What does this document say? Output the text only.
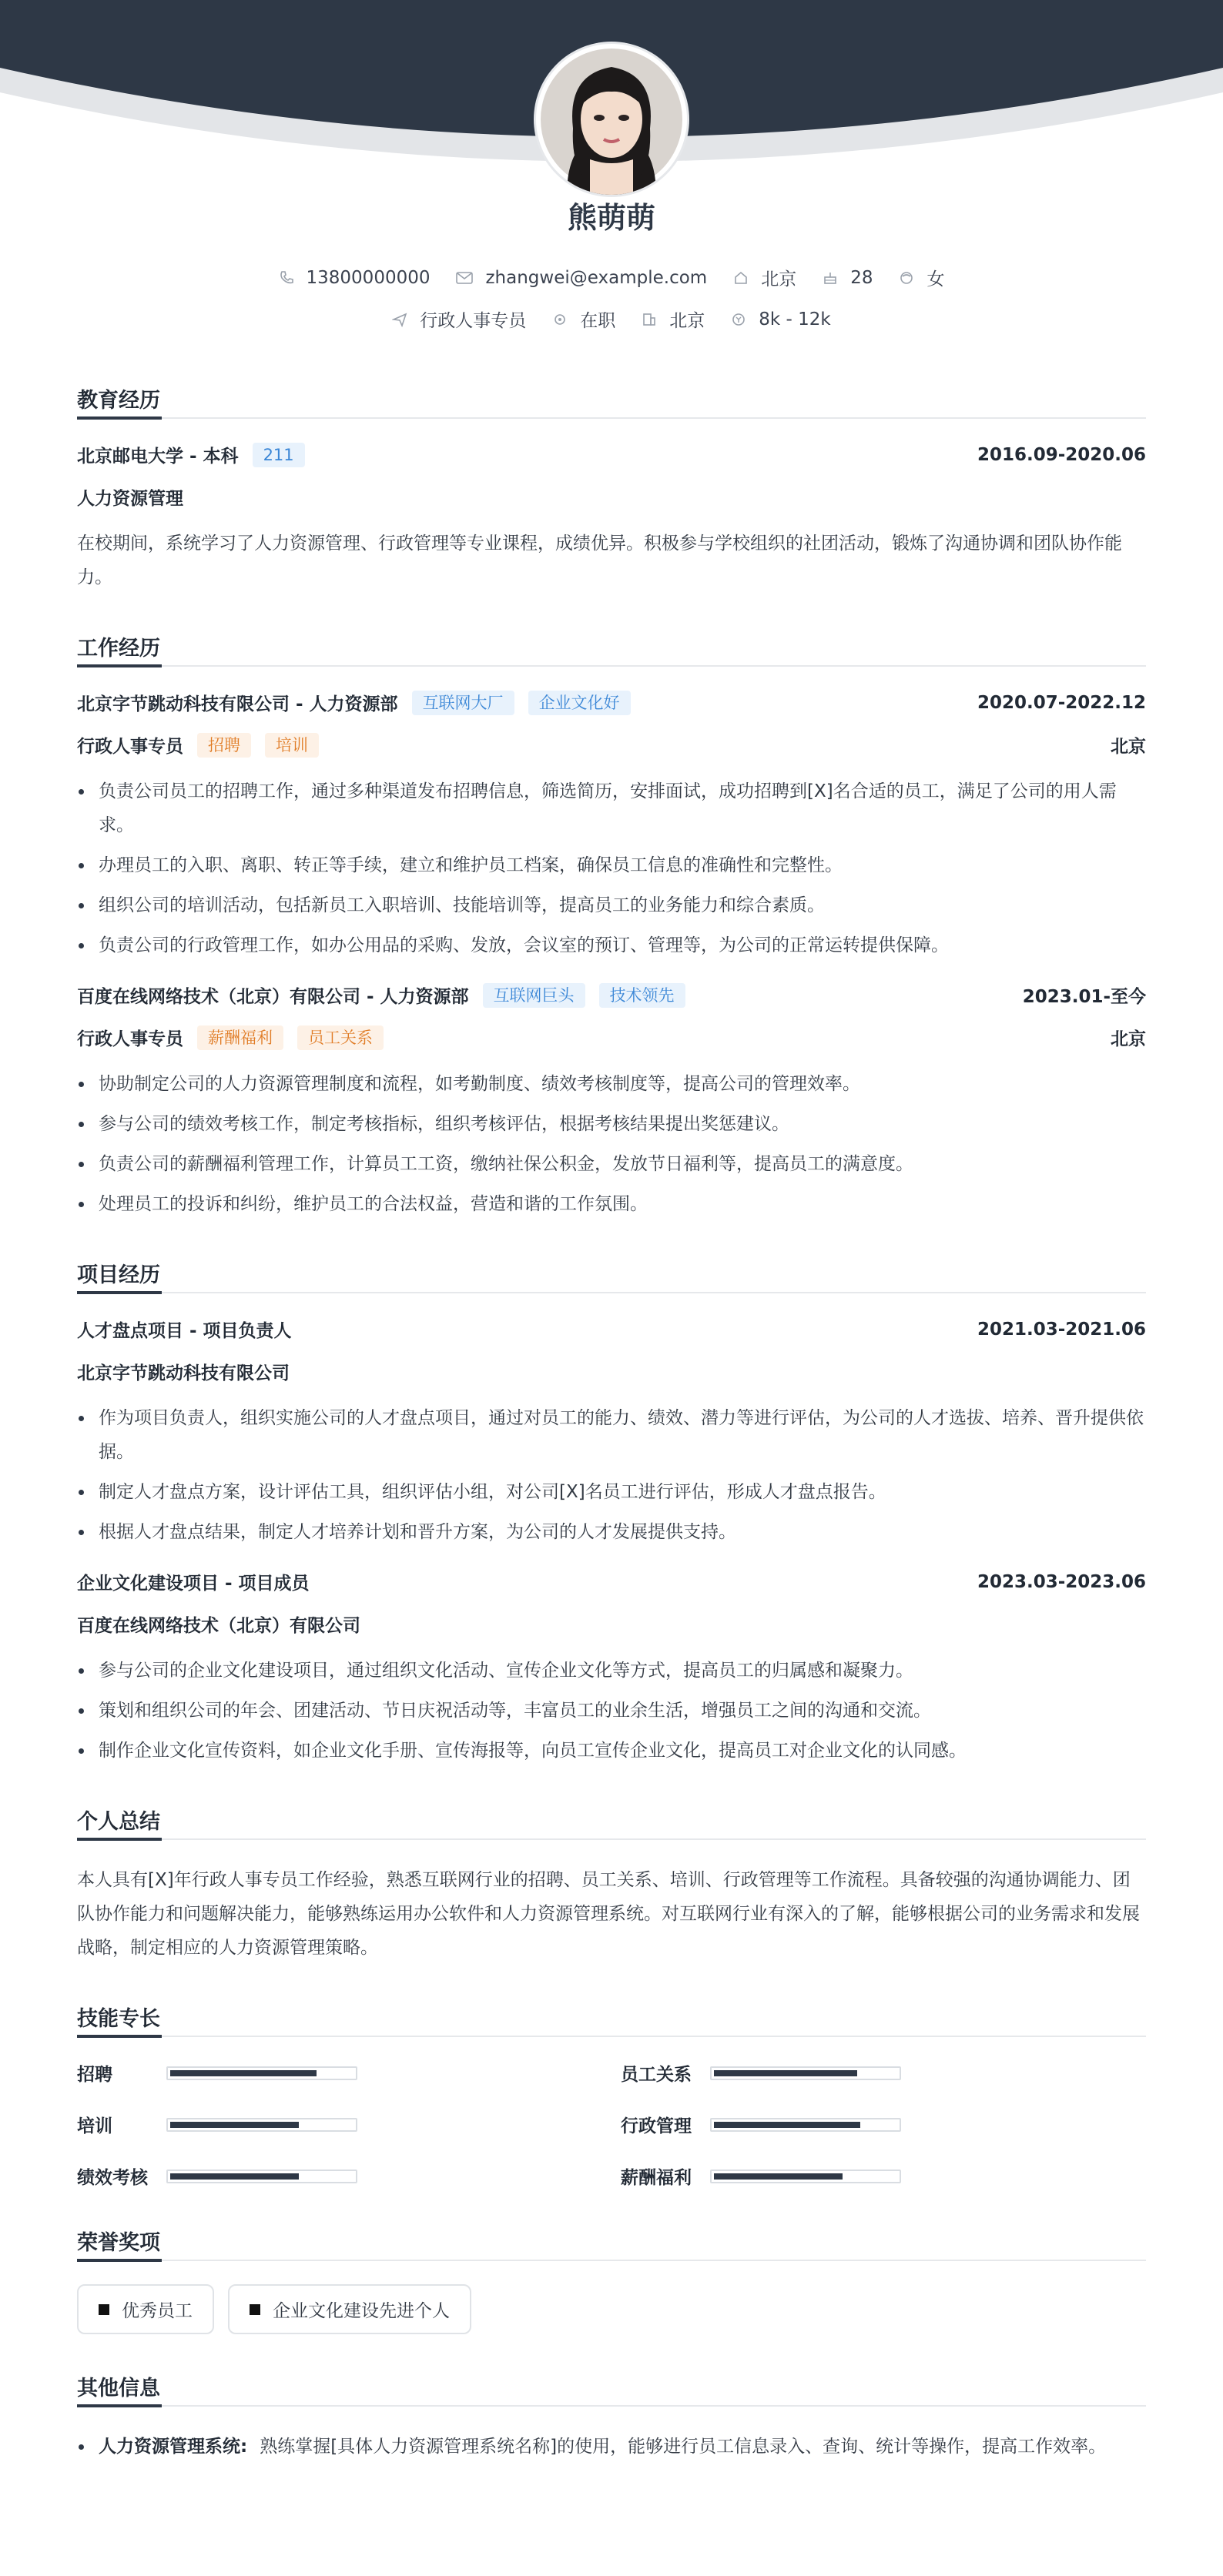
熊萌萌
13800000000	zhangwei@example.com	北京	28	女
行政人事专员	在职	北京	8k - 12k
教育经历
北京邮电大学 - 本科	211	2016.09-2020.06
人力资源管理

在校期间，系统学习了人力资源管理、行政管理等专业课程，成绩优异。积极参与学校组织的社团活动，锻炼了沟通协调和团队协作能力。

工作经历
北京字节跳动科技有限公司 - 人力资源部	互联网大厂	企业文化好	2020.07-2022.12
行政人事专员	招聘	培训	北京
负责公司员工的招聘工作，通过多种渠道发布招聘信息，筛选简历，安排面试，成功招聘到[X]名合适的员工，满足了公司的用人需求。
办理员工的入职、离职、转正等手续，建立和维护员工档案，确保员工信息的准确性和完整性。
组织公司的培训活动，包括新员工入职培训、技能培训等，提高员工的业务能力和综合素质。
负责公司的行政管理工作，如办公用品的采购、发放，会议室的预订、管理等，为公司的正常运转提供保障。
百度在线网络技术（北京）有限公司 - 人力资源部	互联网巨头	技术领先	2023.01-至今
行政人事专员	薪酬福利	员工关系	北京
协助制定公司的人力资源管理制度和流程，如考勤制度、绩效考核制度等，提高公司的管理效率。
参与公司的绩效考核工作，制定考核指标，组织考核评估，根据考核结果提出奖惩建议。
负责公司的薪酬福利管理工作，计算员工工资，缴纳社保公积金，发放节日福利等，提高员工的满意度。
处理员工的投诉和纠纷，维护员工的合法权益，营造和谐的工作氛围。
项目经历
人才盘点项目 - 项目负责人	2021.03-2021.06
北京字节跳动科技有限公司
作为项目负责人，组织实施公司的人才盘点项目，通过对员工的能力、绩效、潜力等进行评估，为公司的人才选拔、培养、晋升提供依据。
制定人才盘点方案，设计评估工具，组织评估小组，对公司[X]名员工进行评估，形成人才盘点报告。
根据人才盘点结果，制定人才培养计划和晋升方案，为公司的人才发展提供支持。
企业文化建设项目 - 项目成员	2023.03-2023.06
百度在线网络技术（北京）有限公司
参与公司的企业文化建设项目，通过组织文化活动、宣传企业文化等方式，提高员工的归属感和凝聚力。
策划和组织公司的年会、团建活动、节日庆祝活动等，丰富员工的业余生活，增强员工之间的沟通和交流。
制作企业文化宣传资料，如企业文化手册、宣传海报等，向员工宣传企业文化，提高员工对企业文化的认同感。
个人总结

本人具有[X]年行政人事专员工作经验，熟悉互联网行业的招聘、员工关系、培训、行政管理等工作流程。具备较强的沟通协调能力、团队协作能力和问题解决能力，能够熟练运用办公软件和人力资源管理系统。对互联网行业有深入的了解，能够根据公司的业务需求和发展战略，制定相应的人力资源管理策略。

技能专长
招聘	员工关系
培训	行政管理
绩效考核	薪酬福利
荣誉奖项
优秀员工	企业文化建设先进个人
其他信息
人力资源管理系统: 熟练掌握[具体人力资源管理系统名称]的使用，能够进行员工信息录入、查询、统计等操作，提高工作效率。
